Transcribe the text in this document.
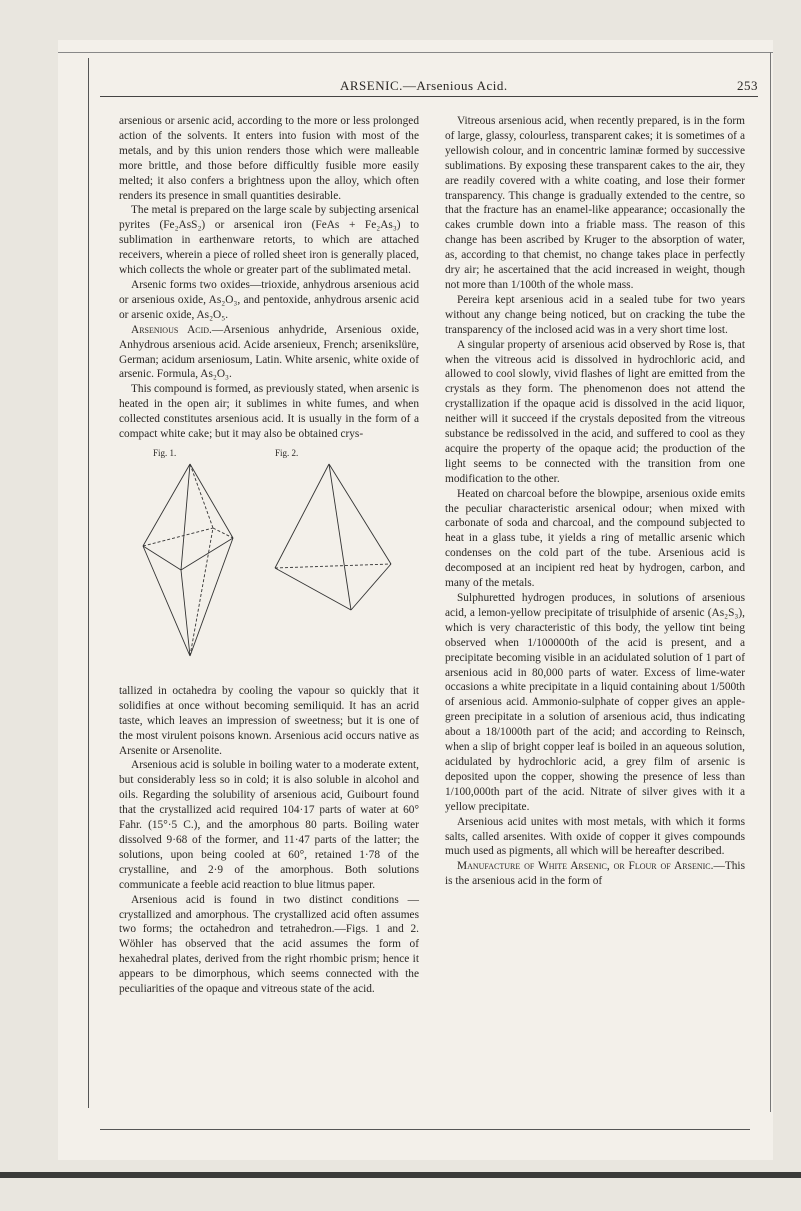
ARSENIC.—Arsenious Acid.	253

arsenious or arsenic acid, according to the more or less prolonged action of the solvents. It enters into fusion with most of the metals, and by this union renders those which were malleable more brittle, and those before difficultly fusible more easily melted; it also confers a brightness upon the alloy, which often renders its presence in small quantities desirable.

The metal is prepared on the large scale by subjecting arsenical pyrites (Fe₂AsS₂) or arsenical iron (FeAs + Fe₂As₃) to sublimation in earthenware retorts, to which are attached receivers, wherein a piece of rolled sheet iron is generally placed, which collects the whole or greater part of the sublimated metal.

Arsenic forms two oxides—trioxide, anhydrous arsenious acid or arsenious oxide, As₂O₃, and pentoxide, anhydrous arsenic acid or arsenic oxide, As₂O₅.

Arsenious Acid.—Arsenious anhydride, Arsenious oxide, Anhydrous arsenious acid. Acide arsenieux, French; arsenikslüre, German; acidum arseniosum, Latin. White arsenic, white oxide of arsenic. Formula, As₂O₃.

This compound is formed, as previously stated, when arsenic is heated in the open air; it sublimes in white fumes, and when collected constitutes arsenious acid. It is usually in the form of a compact white cake; but it may also be obtained crys-

Fig. 1.	Fig. 2.

tallized in octahedra by cooling the vapour so quickly that it solidifies at once without becoming semiliquid. It has an acrid taste, which leaves an impression of sweetness; but it is one of the most virulent poisons known. Arsenious acid occurs native as Arsenite or Arsenolite.

Arsenious acid is soluble in boiling water to a moderate extent, but considerably less so in cold; it is also soluble in alcohol and oils. Regarding the solubility of arsenious acid, Guibourt found that the crystallized acid required 104·17 parts of water at 60° Fahr. (15°·5 C.), and the amorphous 80 parts. Boiling water dissolved 9·68 of the former, and 11·47 parts of the latter; the solutions, upon being cooled at 60°, retained 1·78 of the crystalline, and 2·9 of the amorphous. Both solutions communicate a feeble acid reaction to blue litmus paper.

Arsenious acid is found in two distinct conditions —crystallized and amorphous. The crystallized acid often assumes two forms; the octahedron and tetrahedron.—Figs. 1 and 2. Wöhler has observed that the acid assumes the form of hexahedral plates, derived from the right rhombic prism; hence it appears to be dimorphous, which seems connected with the peculiarities of the opaque and vitreous state of the acid.

Vitreous arsenious acid, when recently prepared, is in the form of large, glassy, colourless, transparent cakes; it is sometimes of a yellowish colour, and in concentric laminæ formed by successive sublimations. By exposing these transparent cakes to the air, they are readily covered with a white coating, and lose their former transparency. This change is gradually extended to the centre, so that the fracture has an enamel-like appearance; occasionally the cakes crumble down into a friable mass. The reason of this change has been ascribed by Kruger to the absorption of water, as, according to that chemist, no change takes place in perfectly dry air; he ascertained that the acid increased in weight, though not more than 1/100th of the whole mass.

Pereira kept arsenious acid in a sealed tube for two years without any change being noticed, but on cracking the tube the transparency of the inclosed acid was in a very short time lost.

A singular property of arsenious acid observed by Rose is, that when the vitreous acid is dissolved in hydrochloric acid, and allowed to cool slowly, vivid flashes of light are emitted from the crystals as they form. The phenomenon does not attend the crystallization if the opaque acid is dissolved in the acid liquor, neither will it succeed if the crystals deposited from the vitreous substance be redissolved in the acid, and suffered to cool as they acquire the property of the opaque acid; the production of the light seems to be connected with the transition from one modification to the other.

Heated on charcoal before the blowpipe, arsenious oxide emits the peculiar characteristic arsenical odour; when mixed with carbonate of soda and charcoal, and the compound subjected to heat in a glass tube, it yields a ring of metallic arsenic which condenses on the cold part of the tube. Arsenious acid is decomposed at an incipient red heat by hydrogen, carbon, and many of the metals.

Sulphuretted hydrogen produces, in solutions of arsenious acid, a lemon-yellow precipitate of trisulphide of arsenic (As₂S₃), which is very characteristic of this body, the yellow tint being observed when 1/100000th of the acid is present, and a precipitate becoming visible in an acidulated solution of 1 part of arsenious acid in 80,000 parts of water. Excess of lime-water occasions a white precipitate in a liquid containing about 1/500th of arsenious acid. Ammonio-sulphate of copper gives an apple-green precipitate in a solution of arsenious acid, thus indicating about a 18/1000th part of the acid; and according to Reinsch, when a slip of bright copper leaf is boiled in an aqueous solution, acidulated by hydrochloric acid, a grey film of arsenic is deposited upon the copper, showing the presence of less than 1/100,000th part of the acid. Nitrate of silver gives with it a yellow precipitate.

Arsenious acid unites with most metals, with which it forms salts, called arsenites. With oxide of copper it gives compounds much used as pigments, all which will be hereafter described.

Manufacture of White Arsenic, or Flour of Arsenic.—This is the arsenious acid in the form of
